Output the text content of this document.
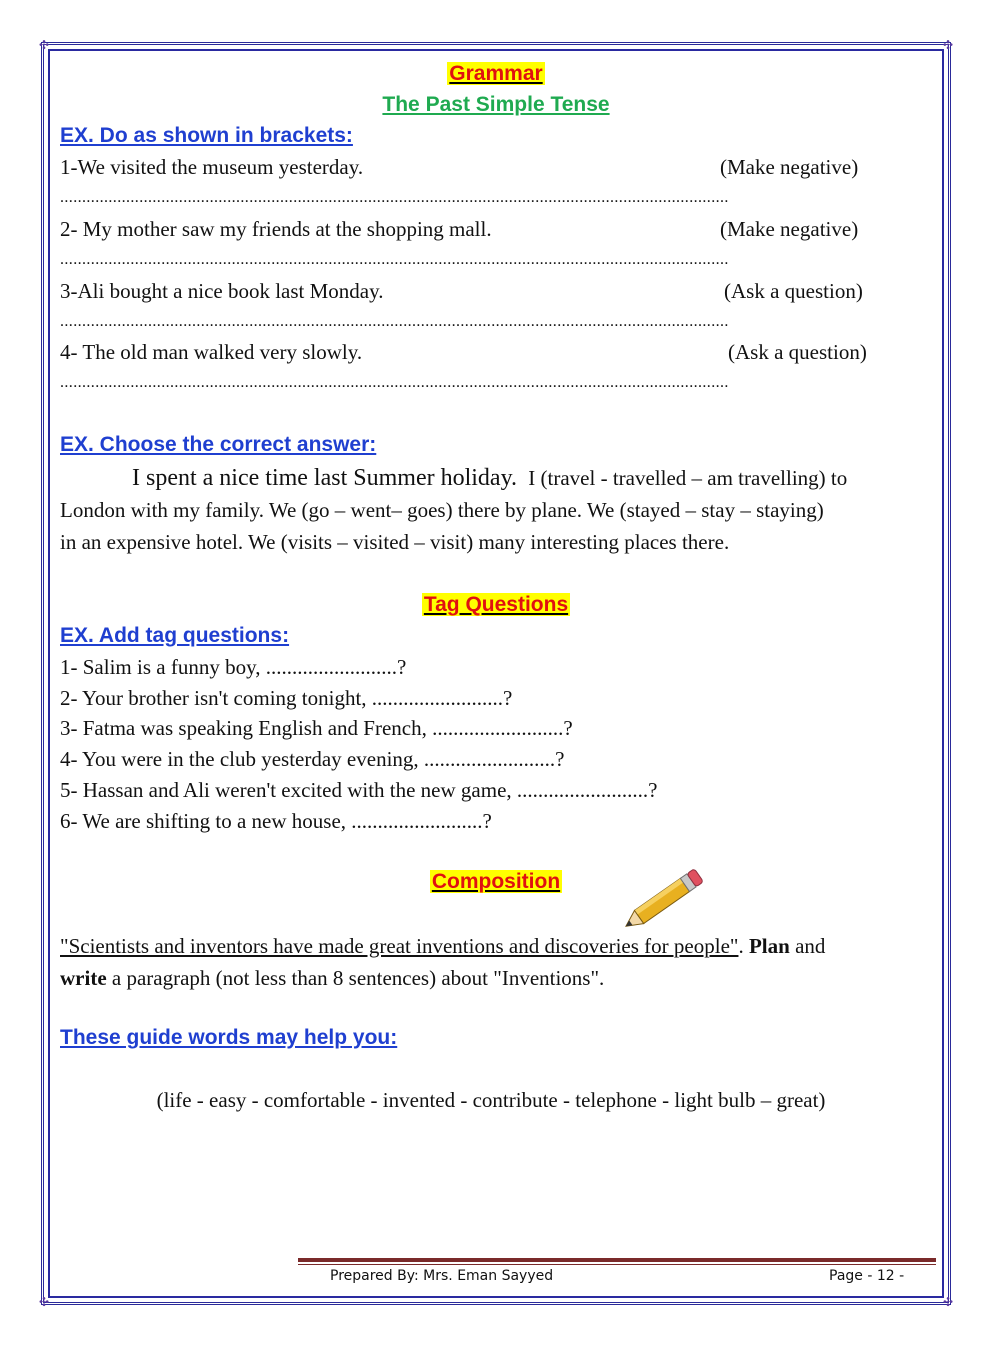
✣	✣
✣	✣
Grammar
The Past Simple Tense
EX. Do as shown in brackets:
1-We visited the museum yesterday.	(Make negative)
........................................................................................................................................................
2- My mother saw my friends at the shopping mall.	(Make negative)
........................................................................................................................................................
3-Ali bought a nice book last Monday.	(Ask a question)
........................................................................................................................................................
4- The old man walked very slowly.	(Ask a question)
........................................................................................................................................................
EX. Choose the correct answer:
I spent a nice time last Summer holiday. I (travel - travelled – am travelling) to
London with my family. We (go – went– goes) there by plane. We (stayed – stay – staying)
in an expensive hotel. We (visits – visited – visit) many interesting places there.
Tag Questions
EX. Add tag questions:
1- Salim is a funny boy, .........................?
2- Your brother isn't coming tonight, .........................?
3- Fatma was speaking English and French, .........................?
4- You were in the club yesterday evening, .........................?
5- Hassan and Ali weren't excited with the new game, .........................?
6- We are shifting to a new house, .........................?
Composition
"Scientists and inventors have made great inventions and discoveries for people". Plan and
write a paragraph (not less than 8 sentences) about "Inventions".
These guide words may help you:
(life - easy - comfortable - invented - contribute - telephone - light bulb – great)
Prepared By: Mrs. Eman Sayyed	Page - 12 -
